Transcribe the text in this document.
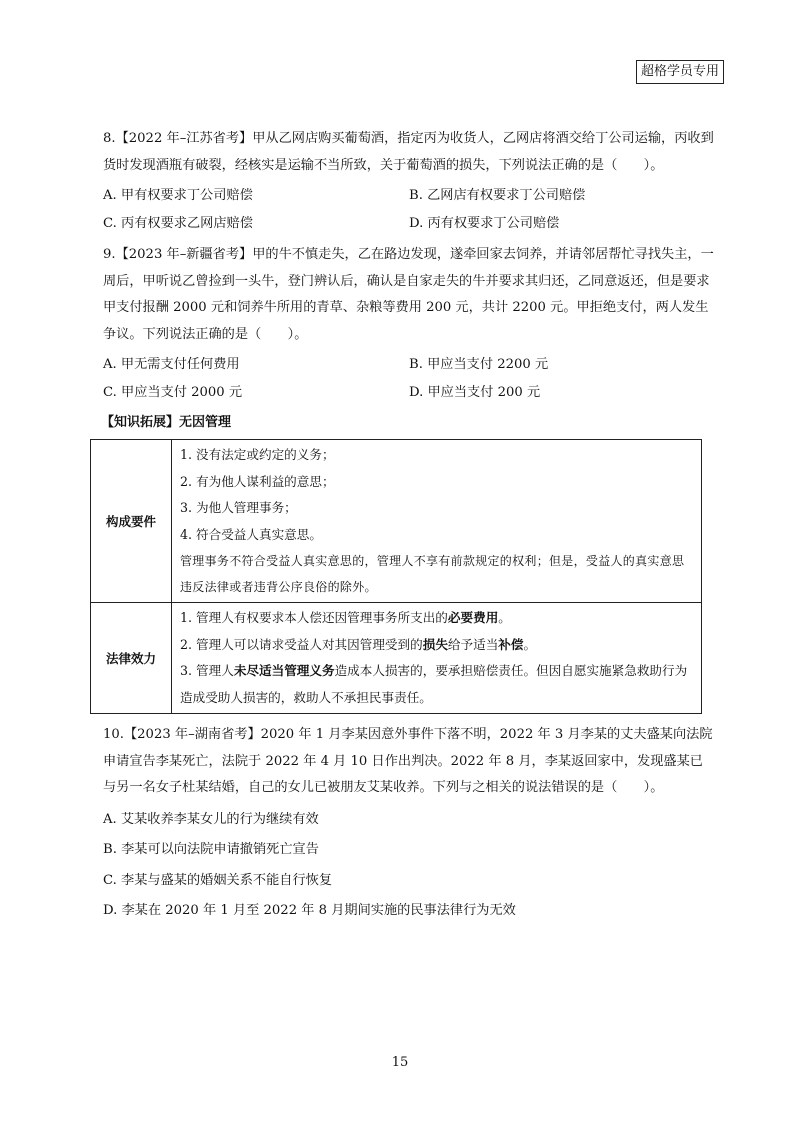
超格学员专用

8.【2022 年–江苏省考】甲从乙网店购买葡萄酒，指定丙为收货人，乙网店将酒交给丁公司运输，丙收到货时发现酒瓶有破裂，经核实是运输不当所致，关于葡萄酒的损失，下列说法正确的是（　　）。

A. 甲有权要求丁公司赔偿	B. 乙网店有权要求丁公司赔偿
C. 丙有权要求乙网店赔偿	D. 丙有权要求丁公司赔偿

9.【2023 年–新疆省考】甲的牛不慎走失，乙在路边发现，遂牵回家去饲养，并请邻居帮忙寻找失主，一周后，甲听说乙曾捡到一头牛，登门辨认后，确认是自家走失的牛并要求其归还，乙同意返还，但是要求甲支付报酬 2000 元和饲养牛所用的青草、杂粮等费用 200 元，共计 2200 元。甲拒绝支付，两人发生争议。下列说法正确的是（　　）。

A. 甲无需支付任何费用	B. 甲应当支付 2200 元
C. 甲应当支付 2000 元	D. 甲应当支付 200 元
【知识拓展】无因管理
构成要件	1. 没有法定或约定的义务；
2. 有为他人谋利益的意思；
3. 为他人管理事务；
4. 符合受益人真实意思。
管理事务不符合受益人真实意思的，管理人不享有前款规定的权利；但是，受益人的真实意思违反法律或者违背公序良俗的除外。

法律效力	1. 管理人有权要求本人偿还因管理事务所支出的必要费用。
2. 管理人可以请求受益人对其因管理受到的损失给予适当补偿。
3. 管理人未尽适当管理义务造成本人损害的，要承担赔偿责任。但因自愿实施紧急救助行为造成受助人损害的，救助人不承担民事责任。

10.【2023 年–湖南省考】2020 年 1 月李某因意外事件下落不明，2022 年 3 月李某的丈夫盛某向法院申请宣告李某死亡，法院于 2022 年 4 月 10 日作出判决。2022 年 8 月，李某返回家中，发现盛某已与另一名女子杜某结婚，自己的女儿已被朋友艾某收养。下列与之相关的说法错误的是（　　）。

A. 艾某收养李某女儿的行为继续有效
B. 李某可以向法院申请撤销死亡宣告
C. 李某与盛某的婚姻关系不能自行恢复
D. 李某在 2020 年 1 月至 2022 年 8 月期间实施的民事法律行为无效
15
